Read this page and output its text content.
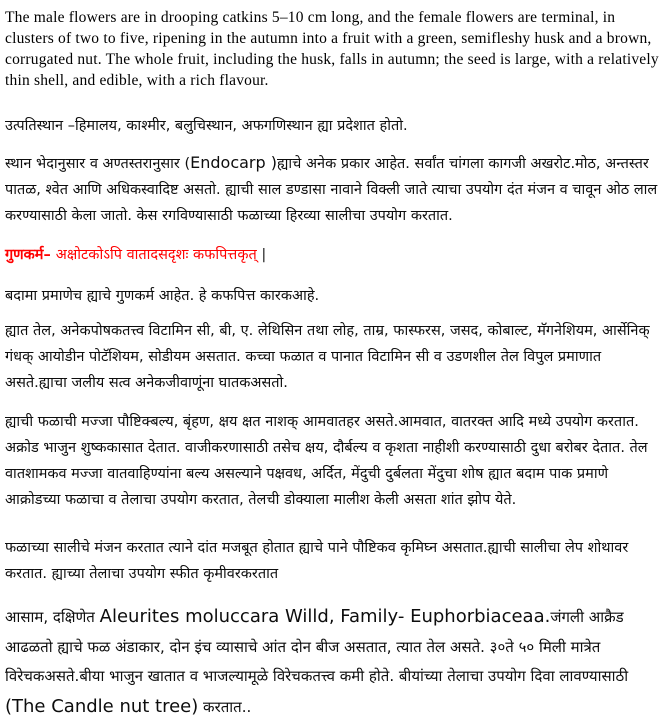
The male flowers are in drooping catkins 5–10 cm long, and the female flowers are terminal, in clusters of two to five, ripening in the autumn into a fruit with a green, semifleshy husk and a brown, corrugated nut. The whole fruit, including the husk, falls in autumn; the seed is large, with a relatively thin shell, and edible, with a rich flavour.

उत्पतिस्थान –हिमालय, काश्मीर, बलुचिस्थान, अफगणिस्थान ह्या प्रदेशात होतो.

स्थान भेदानुसार व अण्तस्तरानुसार (Endocarp )ह्याचे अनेक प्रकार आहेत. सर्वांत चांगला कागजी अखरोट.मोठ, अन्तस्तर पातळ, श्वेत आणि अधिकस्वादिष्ट असतो. ह्याची साल डण्डासा नावाने विक्ली जाते त्याचा उपयोग दंत मंजन व चावून ओठ लाल करण्यासाठी केला जातो. केस रगविण्यासाठी फळाच्या हिरव्या सालीचा उपयोग करतात.

गुणकर्म– अक्षोटकोऽपि वातादसदृशः कफपित्तकृत् |

बदामा प्रमाणेच ह्याचे गुणकर्म आहेत. हे कफपित्त कारकआहे.

ह्यात तेल, अनेकपोषकतत्त्व विटामिन सी, बी, ए. लेथिसिन तथा लोह, ताम्र, फास्फरस, जसद, कोबाल्ट, मॅगनेशियम, आर्सेनिक् गंधक् आयोडीन पोटॅशियम, सोडीयम असतात. कच्चा फळात व पानात विटामिन सी व उडणशील तेल विपुल प्रमाणात असते.ह्याचा जलीय सत्व अनेकजीवाणूंना घातकअसतो.

ह्याची फळाची मज्जा पौष्टिक्बल्य, बृंहण, क्षय क्षत नाशक् आमवातहर असते.आमवात, वातरक्त आदि मध्ये उपयोग करतात. अक्रोड भाजुन शुष्ककासात देतात. वाजीकरणासाठी तसेच क्षय, दौर्बल्य व कृशता नाहीशी करण्यासाठी दुधा बरोबर देतात. तेल वातशामकव मज्जा वातवाहिण्यांना बल्य असल्याने पक्षवध, अर्दित, मेंदुची दुर्बलता मेंदुचा शोष ह्यात बदाम पाक प्रमाणे आक्रोडच्या फळाचा व तेलाचा उपयोग करतात, तेलची डोक्याला मालीश केली असता शांत झोप येते.

फळाच्या सालीचे मंजन करतात त्याने दांत मजबूत होतात ह्याचे पाने पौष्टिकव कृमिघ्न असतात.ह्याची सालीचा लेप शोथावर करतात. ह्याच्या तेलाचा उपयोग स्फीत कृमीवरकरतात

आसाम, दक्षिणेत Aleurites moluccara Willd, Family- Euphorbiaceaa.जंगली आक्रैड आढळतो ह्याचे फळ अंडाकार, दोन इंच व्यासाचे आंत दोन बीज असतात, त्यात तेल असते. ३०ते ५० मिली मात्रेत विरेचकअसते.बीया भाजुन खातात व भाजल्यामूळे विरेचकतत्त्व कमी होते. बीयांच्या तेलाचा उपयोग दिवा लावण्यासाठी (The Candle nut tree) करतात..
